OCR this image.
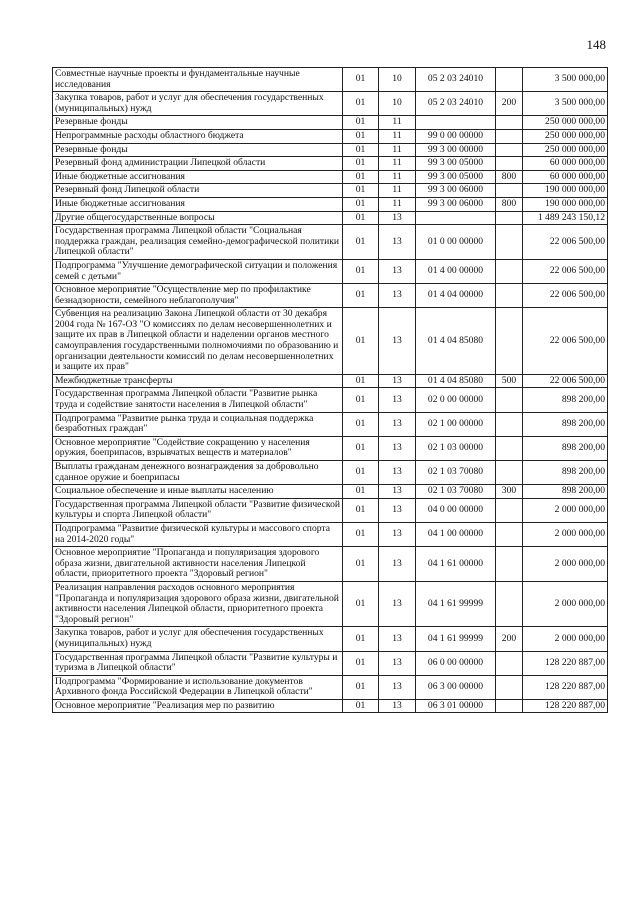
148
Совместные научные проекты и фундаментальные научные исследования	01	10	05 2 03 24010		3 500 000,00
Закупка товаров, работ и услуг для обеспечения государственных (муниципальных) нужд	01	10	05 2 03 24010	200	3 500 000,00
Резервные фонды	01	11			250 000 000,00
Непрограммные расходы областного бюджета	01	11	99 0 00 00000		250 000 000,00
Резервные фонды	01	11	99 3 00 00000		250 000 000,00
Резервный фонд администрации Липецкой области	01	11	99 3 00 05000		60 000 000,00
Иные бюджетные ассигнования	01	11	99 3 00 05000	800	60 000 000,00
Резервный фонд Липецкой области	01	11	99 3 00 06000		190 000 000,00
Иные бюджетные ассигнования	01	11	99 3 00 06000	800	190 000 000,00
Другие общегосударственные вопросы	01	13			1 489 243 150,12
Государственная программа Липецкой области "Социальная поддержка граждан, реализация семейно-демографической политики Липецкой области"	01	13	01 0 00 00000		22 006 500,00
Подпрограмма "Улучшение демографической ситуации и положения семей с детьми"	01	13	01 4 00 00000		22 006 500,00
Основное мероприятие "Осуществление мер по профилактике безнадзорности, семейного неблагополучия"	01	13	01 4 04 00000		22 006 500,00
Субвенция на реализацию Закона Липецкой области от 30 декабря 2004 года № 167-ОЗ "О комиссиях по делам несовершеннолетних и защите их прав в Липецкой области и наделении органов местного самоуправления государственными полномочиями по образованию и организации деятельности комиссий по делам несовершеннолетних и защите их прав"	01	13	01 4 04 85080		22 006 500,00
Межбюджетные трансферты	01	13	01 4 04 85080	500	22 006 500,00
Государственная программа Липецкой области "Развитие рынка труда и содействие занятости населения в Липецкой области"	01	13	02 0 00 00000		898 200,00
Подпрограмма "Развитие рынка труда и социальная поддержка безработных граждан"	01	13	02 1 00 00000		898 200,00
Основное мероприятие "Содействие сокращению у населения оружия, боеприпасов, взрывчатых веществ и материалов"	01	13	02 1 03 00000		898 200,00
Выплаты гражданам денежного вознаграждения за добровольно сданное оружие и боеприпасы	01	13	02 1 03 70080		898 200,00
Социальное обеспечение и иные выплаты населению	01	13	02 1 03 70080	300	898 200,00
Государственная программа Липецкой области "Развитие физической культуры и спорта Липецкой области"	01	13	04 0 00 00000		2 000 000,00
Подпрограмма "Развитие физической культуры и массового спорта на 2014-2020 годы"	01	13	04 1 00 00000		2 000 000,00
Основное мероприятие "Пропаганда и популяризация здорового образа жизни, двигательной активности населения Липецкой области, приоритетного проекта "Здоровый регион"	01	13	04 1 61 00000		2 000 000,00
Реализация направления расходов основного мероприятия "Пропаганда и популяризация здорового образа жизни, двигательной активности населения Липецкой области, приоритетного проекта "Здоровый регион"	01	13	04 1 61 99999		2 000 000,00
Закупка товаров, работ и услуг для обеспечения государственных (муниципальных) нужд	01	13	04 1 61 99999	200	2 000 000,00
Государственная программа Липецкой области "Развитие культуры и туризма в Липецкой области"	01	13	06 0 00 00000		128 220 887,00
Подпрограмма "Формирование и использование документов Архивного фонда Российской Федерации в Липецкой области"	01	13	06 3 00 00000		128 220 887,00
Основное мероприятие "Реализация мер по развитию	01	13	06 3 01 00000		128 220 887,00
